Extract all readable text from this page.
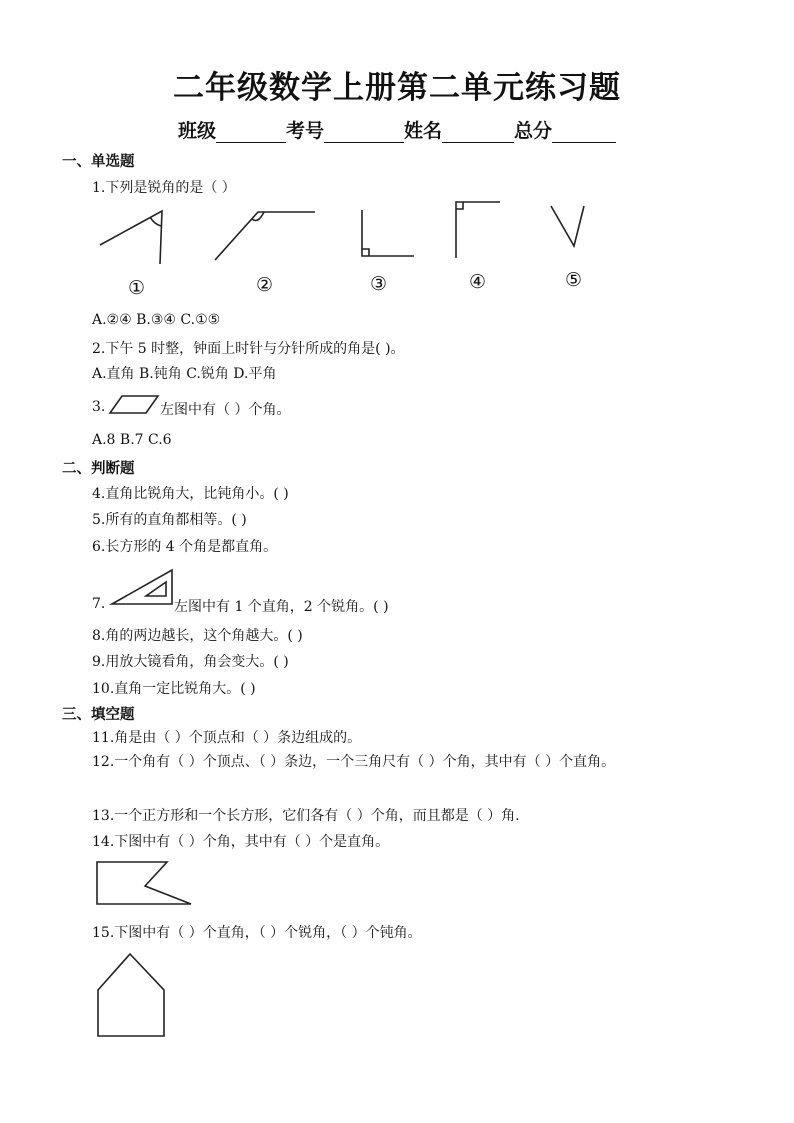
二年级数学上册第二单元练习题
班级	考号	姓名	总分
一、单选题
1.下列是锐角的是（ ）
①	②	③	④	⑤
A.②④ B.③④ C.①⑤
2.下午 5 时整，钟面上时针与分针所成的角是( )。
A.直角 B.钝角 C.锐角 D.平角
3.	左图中有（ ）个角。
A.8 B.7 C.6
二、判断题
4.直角比锐角大，比钝角小。( )
5.所有的直角都相等。( )
6.长方形的 4 个角是都直角。
7.	左图中有 1 个直角，2 个锐角。( )
8.角的两边越长，这个角越大。( )
9.用放大镜看角，角会变大。( )
10.直角一定比锐角大。( )
三、填空题
11.角是由（ ）个顶点和（ ）条边组成的。
12.一个角有（ ）个顶点、（ ）条边，一个三角尺有（ ）个角，其中有（ ）个直角。
13.一个正方形和一个长方形，它们各有（ ）个角，而且都是（ ）角.
14.下图中有（ ）个角，其中有（ ）个是直角。
15.下图中有（ ）个直角，（ ）个锐角，（ ）个钝角。
